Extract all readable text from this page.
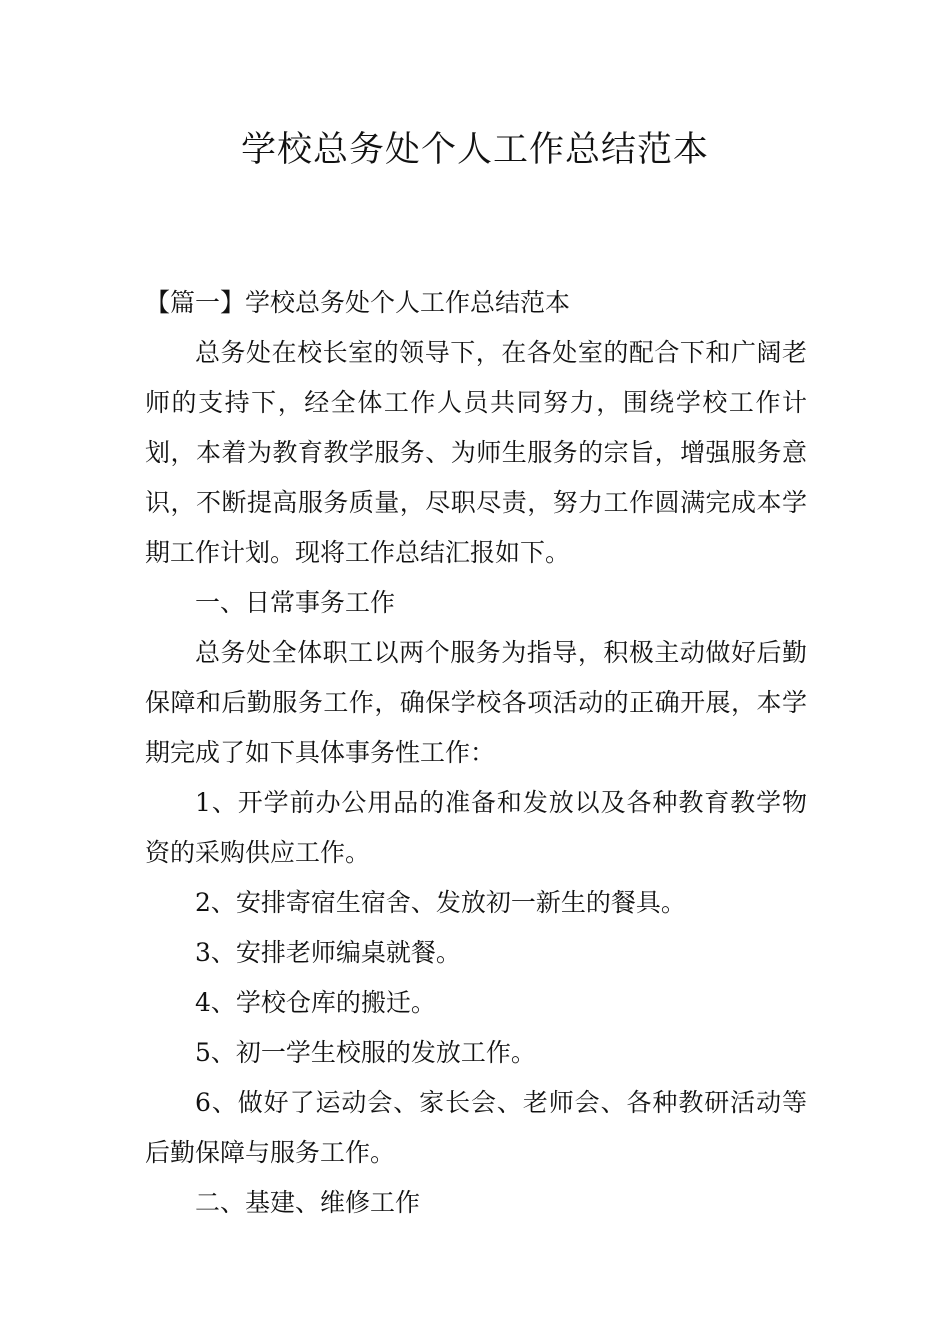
学校总务处个人工作总结范本

【篇一】学校总务处个人工作总结范本

总务处在校长室的领导下，在各处室的配合下和广阔老师的支持下，经全体工作人员共同努力，围绕学校工作计划，本着为教育教学服务、为师生服务的宗旨，增强服务意识，不断提高服务质量，尽职尽责，努力工作圆满完成本学期工作计划。现将工作总结汇报如下。

一、日常事务工作

总务处全体职工以两个服务为指导，积极主动做好后勤保障和后勤服务工作，确保学校各项活动的正确开展，本学期完成了如下具体事务性工作：

1、开学前办公用品的准备和发放以及各种教育教学物资的采购供应工作。

2、安排寄宿生宿舍、发放初一新生的餐具。

3、安排老师编桌就餐。

4、学校仓库的搬迁。

5、初一学生校服的发放工作。

6、做好了运动会、家长会、老师会、各种教研活动等后勤保障与服务工作。

二、基建、维修工作
